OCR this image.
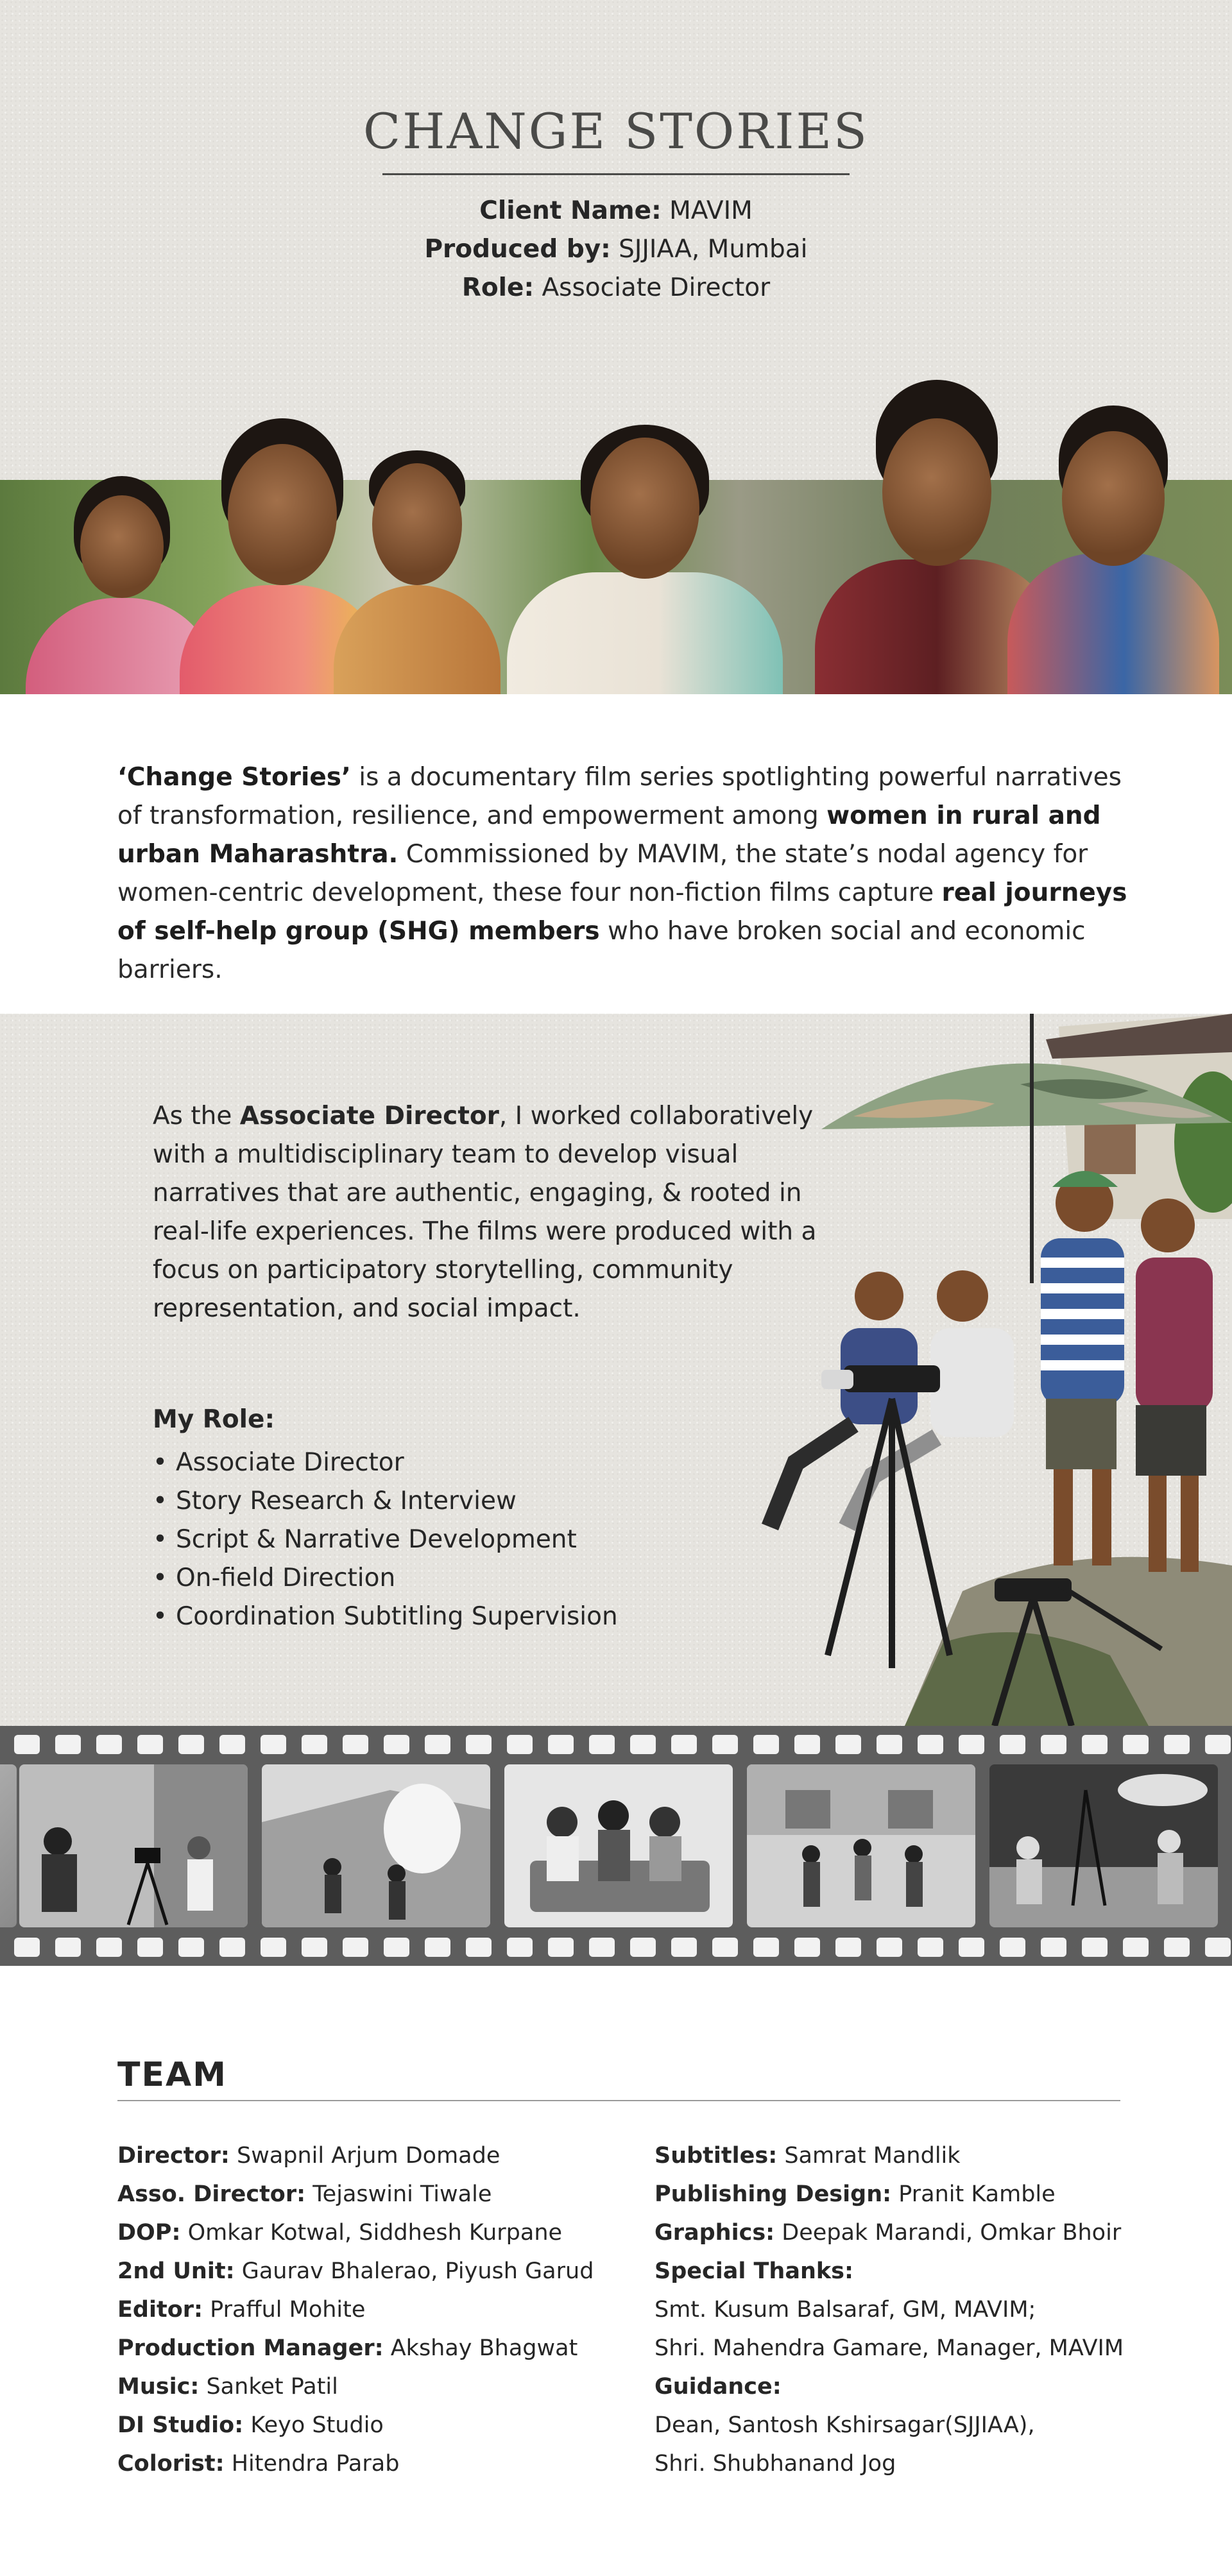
CHANGE STORIES
Client Name: MAVIM
Produced by: SJJIAA, Mumbai
Role: Associate Director

‘Change Stories’ is a documentary film series spotlighting powerful narratives of transformation, resilience, and empowerment among women in rural and urban Maharashtra. Commissioned by MAVIM, the state’s nodal agency for women-centric development, these four non-fiction films capture real journeys of self-help group (SHG) members who have broken social and economic barriers.

As the Associate Director, I worked collaboratively with a multidisciplinary team to develop visual narratives that are authentic, engaging, & rooted in real-life experiences. The films were produced with a focus on participatory storytelling, community representation, and social impact.

My Role:

• Associate Director
• Story Research & Interview
• Script & Narrative Development
• On-field Direction
• Coordination Subtitling Supervision
TEAM
Director: Swapnil Arjum Domade
Asso. Director: Tejaswini Tiwale
DOP: Omkar Kotwal, Siddhesh Kurpane
2nd Unit: Gaurav Bhalerao, Piyush Garud
Editor: Prafful Mohite
Production Manager: Akshay Bhagwat
Music: Sanket Patil
DI Studio: Keyo Studio
Colorist: Hitendra Parab
Subtitles: Samrat Mandlik
Publishing Design: Pranit Kamble
Graphics: Deepak Marandi, Omkar Bhoir
Special Thanks:
Smt. Kusum Balsaraf, GM, MAVIM;
Shri. Mahendra Gamare, Manager, MAVIM
Guidance:
Dean, Santosh Kshirsagar(SJJIAA),
Shri. Shubhanand Jog
